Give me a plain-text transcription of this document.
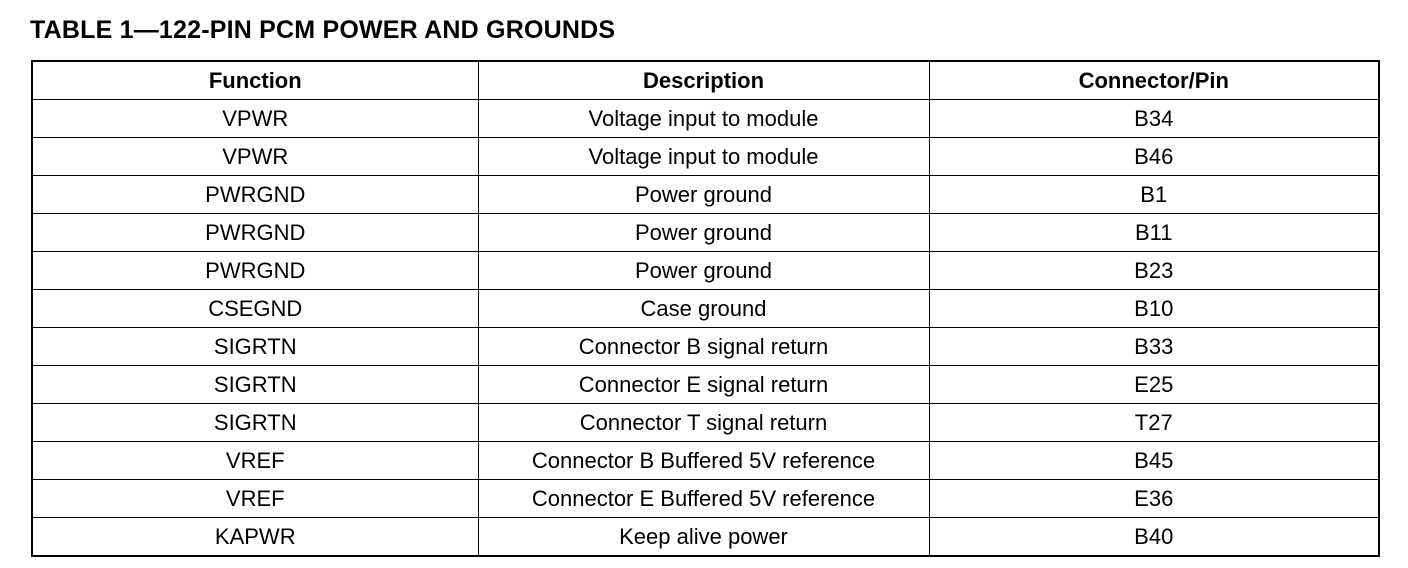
TABLE 1—122-PIN PCM POWER AND GROUNDS
Function	Description	Connector/Pin
VPWR	Voltage input to module	B34
VPWR	Voltage input to module	B46
PWRGND	Power ground	B1
PWRGND	Power ground	B11
PWRGND	Power ground	B23
CSEGND	Case ground	B10
SIGRTN	Connector B signal return	B33
SIGRTN	Connector E signal return	E25
SIGRTN	Connector T signal return	T27
VREF	Connector B Buffered 5V reference	B45
VREF	Connector E Buffered 5V reference	E36
KAPWR	Keep alive power	B40
